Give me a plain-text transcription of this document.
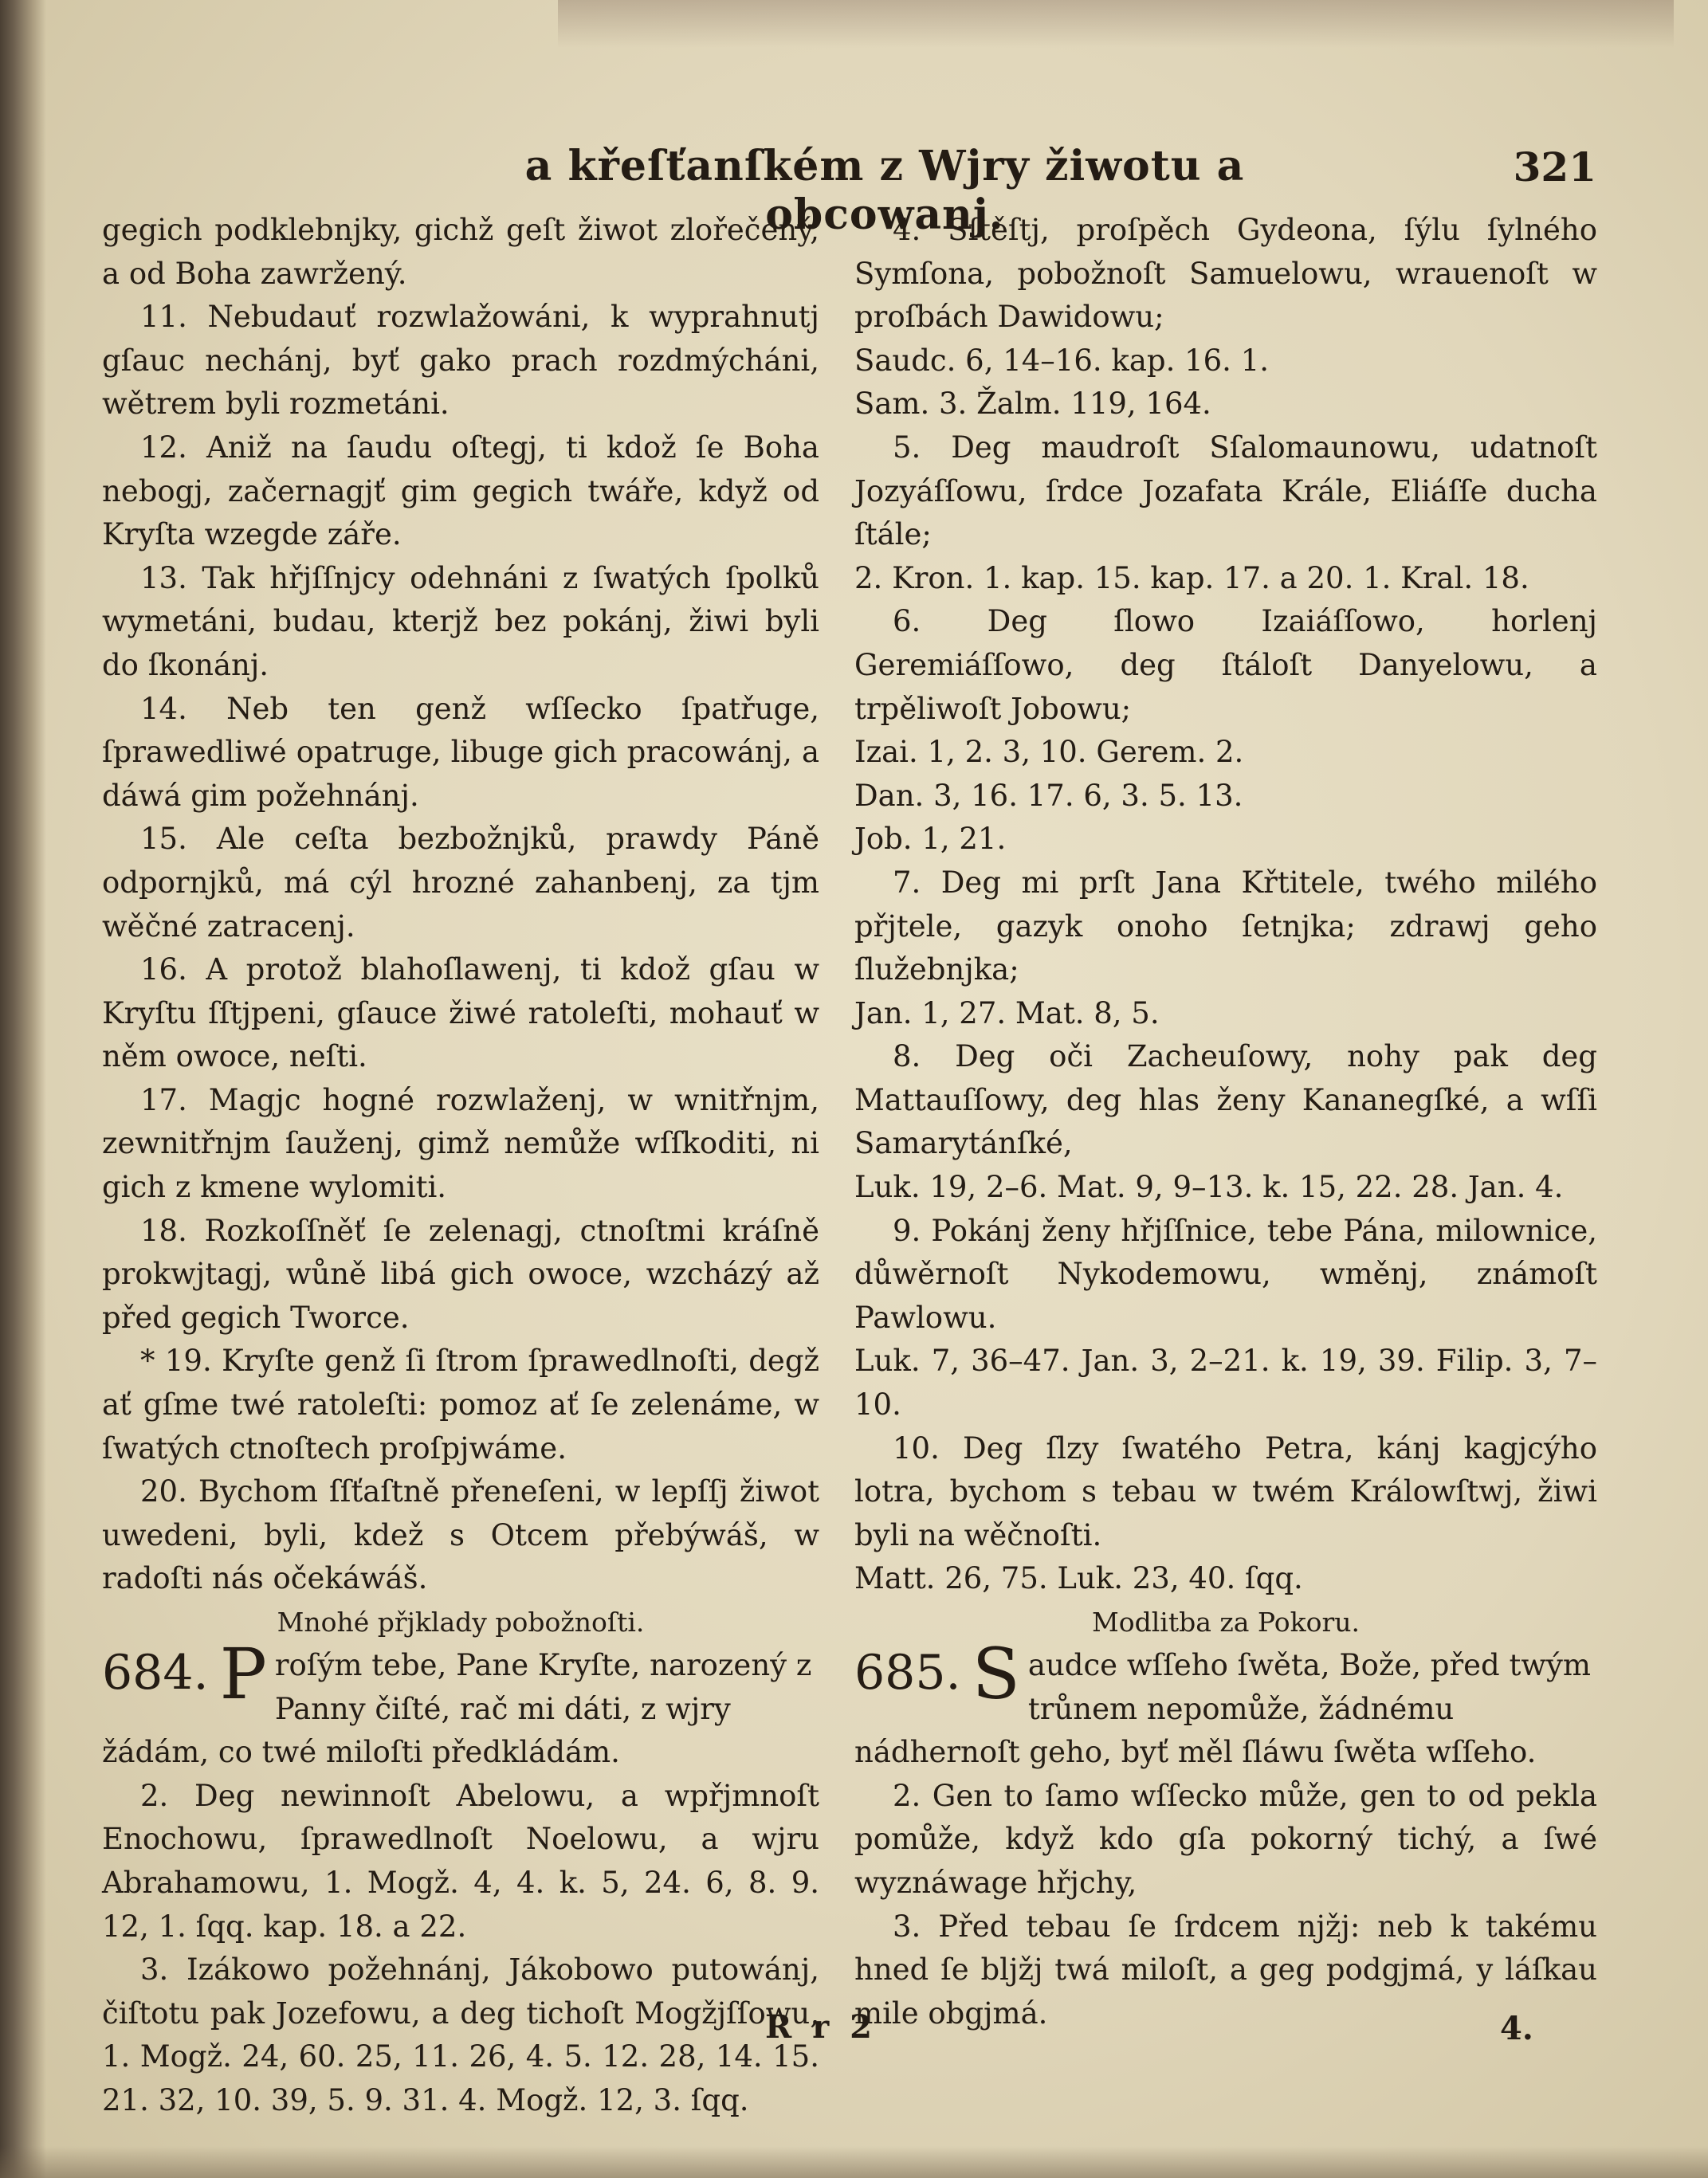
a křeſťanſkém z Wjry žiwotu a obcowanj.
321

gegich podklebnjky, gichž geſt žiwot zlořečený, a od Boha zawržený.

11. Nebudauť rozwlažowáni, k wyprahnutj gſauc nechánj, byť gako prach rozdmýcháni, wětrem byli rozmetáni.

12. Aniž na ſaudu oſtegj, ti kdož ſe Boha nebogj, začernagjť gim gegich twáře, když od Kryſta wzegde záře.

13. Tak hřjſſnjcy odehnáni z ſwatých ſpolků wymetáni, budau, kterjž bez pokánj, žiwi byli do ſkonánj.

14. Neb ten genž wſſecko ſpatřuge, ſprawedliwé opatruge, libuge gich pracowánj, a dáwá gim požehnánj.

15. Ale ceſta bezbožnjků, prawdy Páně odpornjků, má cýl hrozné zahanbenj, za tjm wěčné zatracenj.

16. A protož blahoſlawenj, ti kdož gſau w Kryſtu ſſtjpeni, gſauce žiwé ratoleſti, mohauť w něm owoce, neſti.

17. Magjc hogné rozwlaženj, w wnitřnjm, zewnitřnjm ſauženj, gimž nemůže wſſkoditi, ni gich z kmene wylomiti.

18. Rozkoſſněť ſe zelenagj, ctnoſtmi kráſně prokwjtagj, wůně libá gich owoce, wzcházý až před gegich Tworce.

* 19. Kryſte genž ſi ſtrom ſprawedlnoſti, degž ať gſme twé ratoleſti: pomoz ať ſe zelenáme, w ſwatých ctnoſtech proſpjwáme.

20. Bychom ſſťaſtně přeneſeni, w lepſſj žiwot uwedeni, byli, kdež s Otcem přebýwáš, w radoſti nás očekáwáš.

Mnohé přjklady pobožnoſti.

684. P roſým tebe, Pane Kryſte, narozený z Panny čiſté, rač mi dáti, z wjry žádám, co twé miloſti předkládám.

2. Deg newinnoſt Abelowu, a wpřjmnoſt Enochowu, ſprawedlnoſt Noelowu, a wjru Abrahamowu, 1. Mogž. 4, 4. k. 5, 24. 6, 8. 9. 12, 1. ſqq. kap. 18. a 22.

3. Izákowo požehnánj, Jákobowo putowánj, čiſtotu pak Jozefowu, a deg tichoſt Mogžjſſowu, 1. Mogž. 24, 60. 25, 11. 26, 4. 5. 12. 28, 14. 15. 21. 32, 10. 39, 5. 9. 31. 4. Mogž. 12, 3. ſqq.

4. Sſtěſtj, proſpěch Gydeona, ſýlu ſylného Symſona, pobožnoſt Samuelowu, wrauenoſt w proſbách Dawidowu;

Saudc. 6, 14–16. kap. 16. 1.

Sam. 3. Žalm. 119, 164.

5. Deg maudroſt Sſalomaunowu, udatnoſt Jozyáſſowu, ſrdce Jozafata Krále, Eliáſſe ducha ſtále;

2. Kron. 1. kap. 15. kap. 17. a 20. 1. Kral. 18.

6. Deg ſlowo Izaiáſſowo, horlenj Geremiáſſowo, deg ſtáloſt Danyelowu, a trpěliwoſt Jobowu;

Izai. 1, 2. 3, 10. Gerem. 2.

Dan. 3, 16. 17. 6, 3. 5. 13.

Job. 1, 21.

7. Deg mi prſt Jana Křtitele, twého milého přjtele, gazyk onoho ſetnjka; zdrawj geho ſlužebnjka;

Jan. 1, 27. Mat. 8, 5.

8. Deg oči Zacheuſowy, nohy pak deg Mattauſſowy, deg hlas ženy Kananegſké, a wſſi Samarytánſké,

Luk. 19, 2–6. Mat. 9, 9–13. k. 15, 22. 28. Jan. 4.

9. Pokánj ženy hřjſſnice, tebe Pána, milownice, důwěrnoſt Nykodemowu, wměnj, známoſt Pawlowu.

Luk. 7, 36–47. Jan. 3, 2–21. k. 19, 39. Filip. 3, 7–10.

10. Deg ſlzy ſwatého Petra, kánj kagjcýho lotra, bychom s tebau w twém Králowſtwj, žiwi byli na wěčnoſti.

Matt. 26, 75. Luk. 23, 40. ſqq.

Modlitba za Pokoru.

685. S audce wſſeho ſwěta, Bože, před twým trůnem nepomůže, žádnému nádhernoſt geho, byť měl ſláwu ſwěta wſſeho.

2. Gen to ſamo wſſecko může, gen to od pekla pomůže, když kdo gſa pokorný tichý, a ſwé wyznáwage hřjchy,

3. Před tebau ſe ſrdcem njžj: neb k takému hned ſe bljžj twá miloſt, a geg podgjmá, y láſkau mile obgjmá.

R r 2	4.
